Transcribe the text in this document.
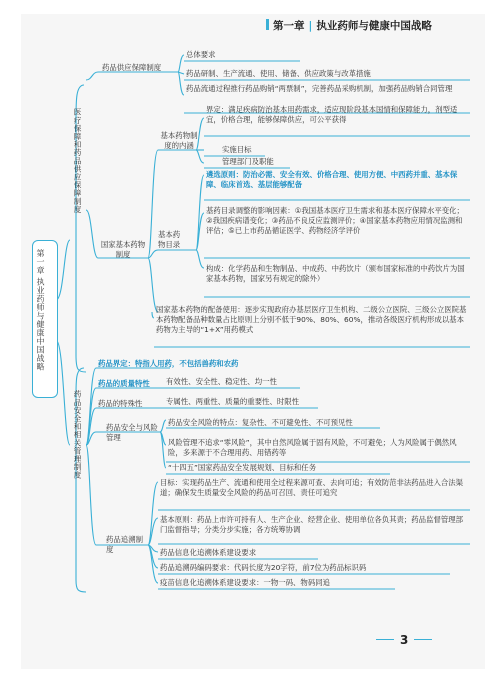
第一章 | 执业药师与健康中国战略
第一章 执业药师与健康中国战略
医疗保障和药品供应保障制度
药品供应保障制度
总体要求
药品研制、生产流通、使用、储备、供应政策与改革措施
药品流通过程推行药品购销“两票制”，完善药品采购机制，加强药品购销合同管理
国家基本药物制度
基本药物制度的内涵
界定：满足疾病防治基本用药需求，适应现阶段基本国情和保障能力，剂型适宜，价格合理，能够保障供应，可公平获得
实施目标
管理部门及职能
基本药物目录
遴选原则：防治必需、安全有效、价格合理、使用方便、中西药并重、基本保障、临床首选、基层能够配备
基药目录调整的影响因素：①我国基本医疗卫生需求和基本医疗保障水平变化；②我国疾病谱变化；③药品不良反应监测评价；④国家基本药物应用情况监测和评估；⑤已上市药品循证医学、药物经济学评价
构成：化学药品和生物制品、中成药、中药饮片（颁布国家标准的中药饮片为国家基本药物，国家另有规定的除外）
国家基本药物的配备使用：逐步实现政府办基层医疗卫生机构、二级公立医院、三级公立医院基本药物配备品种数量占比原则上分别不低于90%、80%、60%，推动各级医疗机构形成以基本药物为主导的“1+X”用药模式
药品安全和相关管理制度
药品界定：特指人用药，不包括兽药和农药
药品的质量特性 有效性、安全性、稳定性、均一性
药品的特殊性	专属性、两重性、质量的重要性、时限性
药品安全与风险管理
药品安全风险的特点：复杂性、不可避免性、不可预见性
风险管理不追求“零风险”，其中自然风险属于固有风险，不可避免；人为风险属于偶然风险，多来源于不合理用药、用错药等
“十四五”国家药品安全发展规划、目标和任务
药品追溯制度
目标：实现药品生产、流通和使用全过程来源可查、去向可追；有效防范非法药品进入合法渠道；确保发生质量安全风险的药品可召回、责任可追究
基本原则：药品上市许可持有人、生产企业、经营企业、使用单位各负其责；药品监督管理部门监督指导；分类分步实施；各方统筹协调
药品信息化追溯体系建设要求
药品追溯码编码要求：代码长度为20字符，前7位为药品标识码
疫苗信息化追溯体系建设要求：一物一码、物码同追
3
